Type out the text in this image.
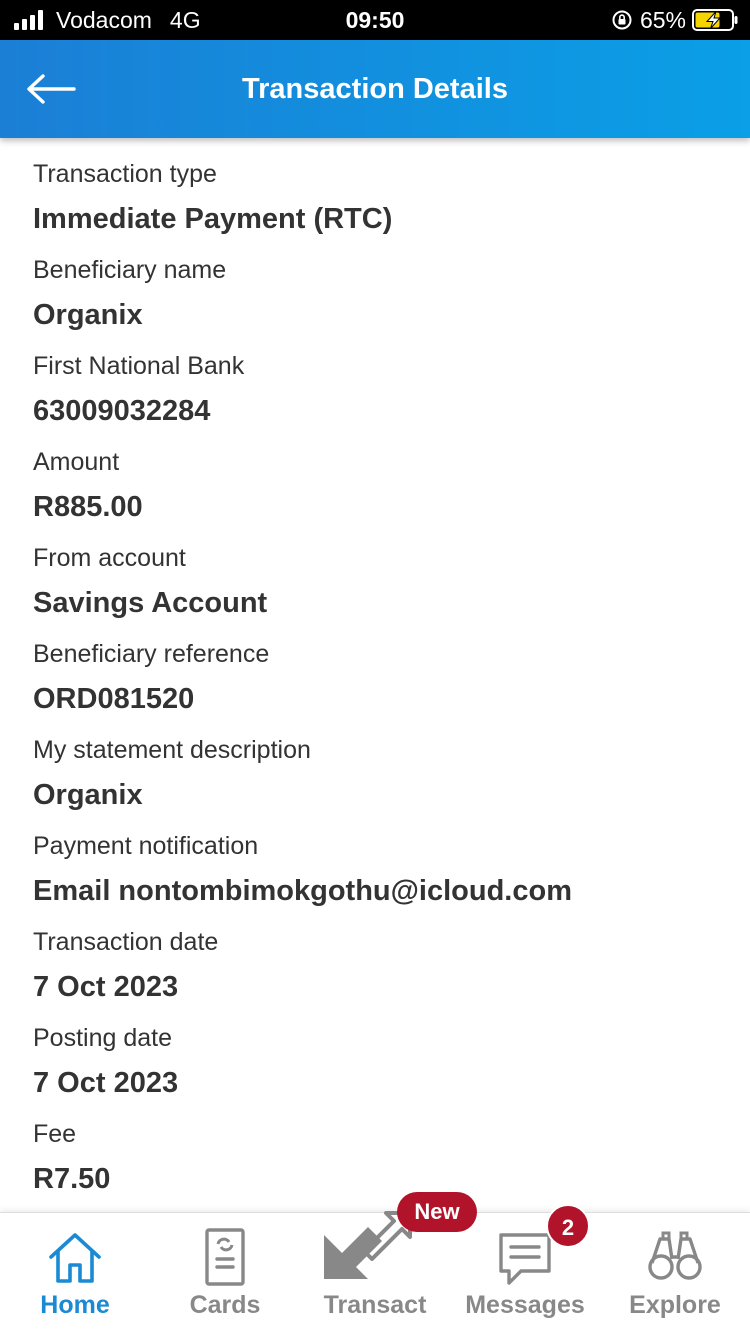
Vodacom 4G	09:50	65%
Transaction Details
Transaction type
Immediate Payment (RTC)
Beneficiary name
Organix
First National Bank
63009032284
Amount
R885.00
From account
Savings Account
Beneficiary reference
ORD081520
My statement description
Organix
Payment notification
Email nontombimokgothu@icloud.com
Transaction date
7 Oct 2023
Posting date
7 Oct 2023
Fee
R7.50
Home	Cards	Transact	Messages	Explore
New
2
